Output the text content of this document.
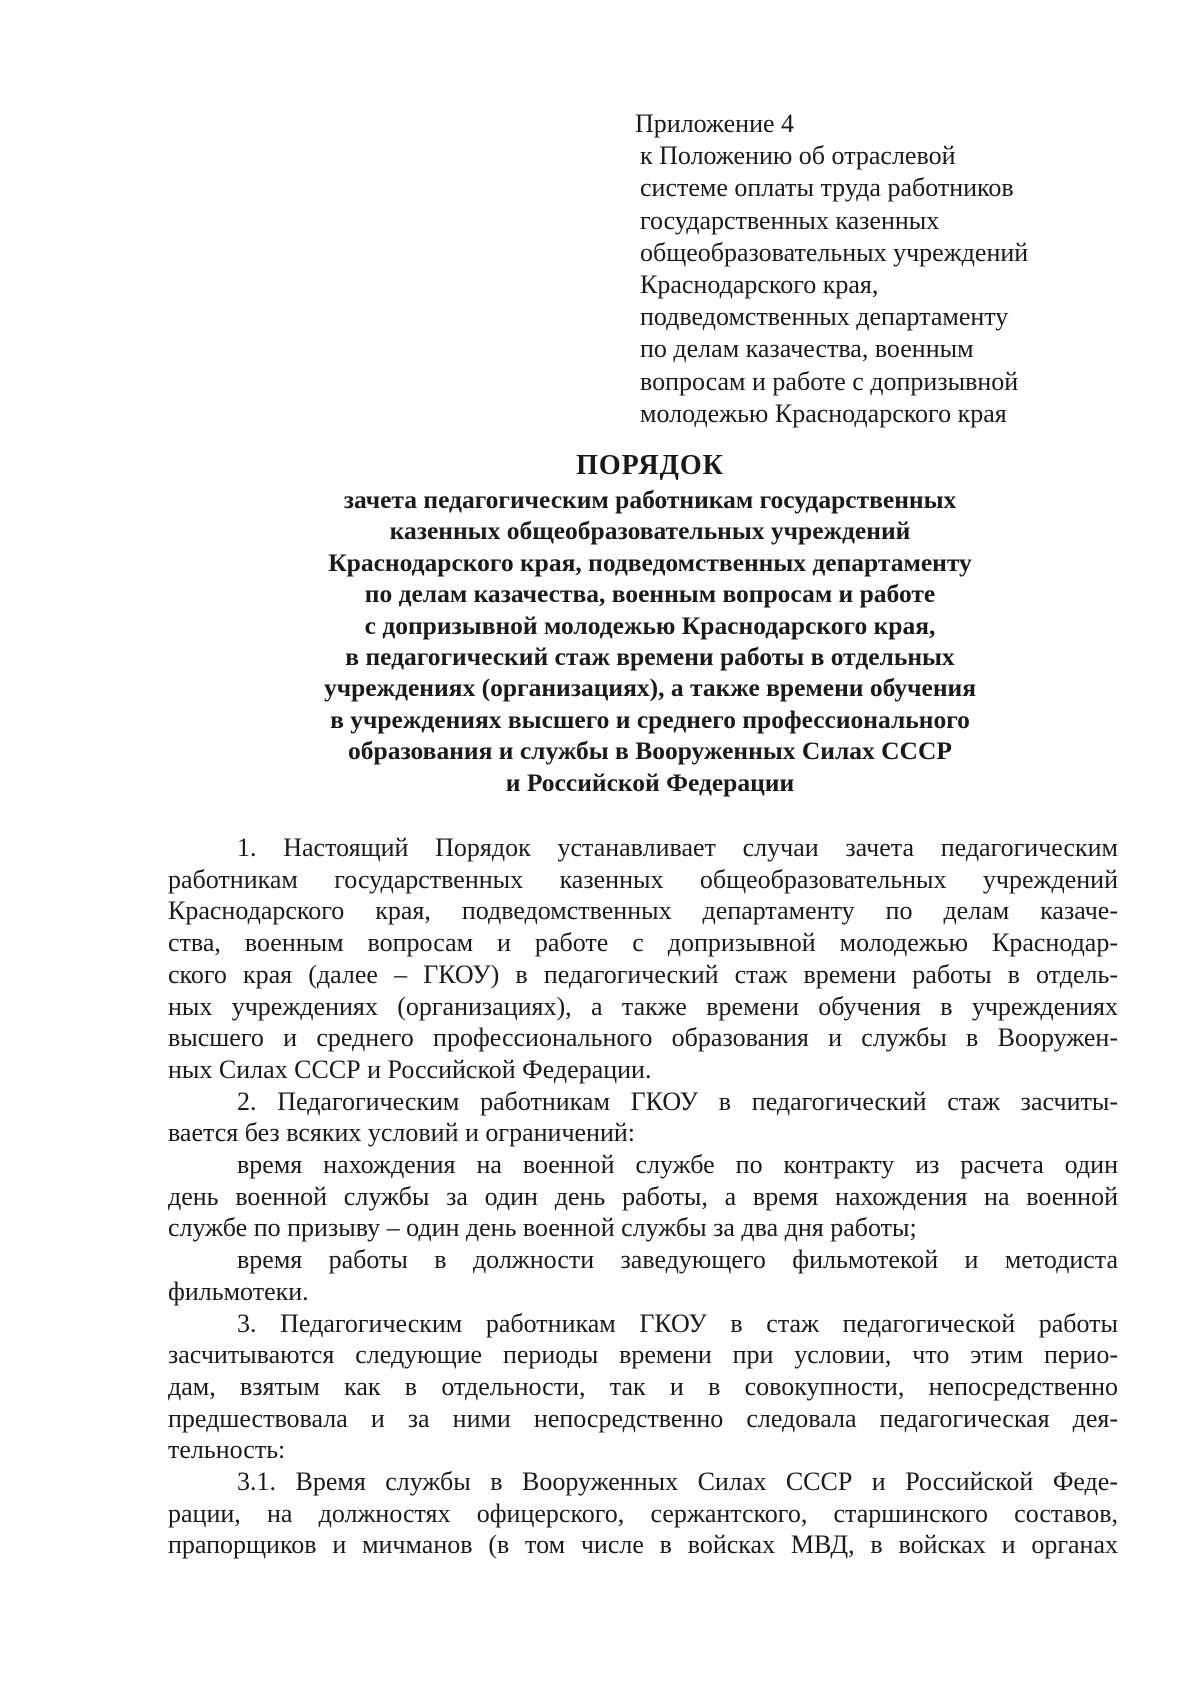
Приложение 4
к Положению об отраслевой
системе оплаты труда работников
государственных казенных
общеобразовательных учреждений
Краснодарского края,
подведомственных департаменту
по делам казачества, военным
вопросам и работе с допризывной
молодежью Краснодарского края
ПОРЯДОК
зачета педагогическим работникам государственных
казенных общеобразовательных учреждений
Краснодарского края, подведомственных департаменту
по делам казачества, военным вопросам и работе
с допризывной молодежью Краснодарского края,
в педагогический стаж времени работы в отдельных
учреждениях (организациях), а также времени обучения
в учреждениях высшего и среднего профессионального
образования и службы в Вооруженных Силах СССР
и Российской Федерации
1. Настоящий Порядок устанавливает случаи зачета педагогическим
работникам государственных казенных общеобразовательных учреждений
Краснодарского края, подведомственных департаменту по делам казаче-
ства, военным вопросам и работе с допризывной молодежью Краснодар-
ского края (далее – ГКОУ) в педагогический стаж времени работы в отдель-
ных учреждениях (организациях), а также времени обучения в учреждениях
высшего и среднего профессионального образования и службы в Вооружен-
ных Силах СССР и Российской Федерации.
2. Педагогическим работникам ГКОУ в педагогический стаж засчиты-
вается без всяких условий и ограничений:
время нахождения на военной службе по контракту из расчета один
день военной службы за один день работы, а время нахождения на военной
службе по призыву – один день военной службы за два дня работы;
время работы в должности заведующего фильмотекой и методиста
фильмотеки.
3. Педагогическим работникам ГКОУ в стаж педагогической работы
засчитываются следующие периоды времени при условии, что этим перио-
дам, взятым как в отдельности, так и в совокупности, непосредственно
предшествовала и за ними непосредственно следовала педагогическая дея-
тельность:
3.1. Время службы в Вооруженных Силах СССР и Российской Феде-
рации, на должностях офицерского, сержантского, старшинского составов,
прапорщиков и мичманов (в том числе в войсках МВД, в войсках и органах
